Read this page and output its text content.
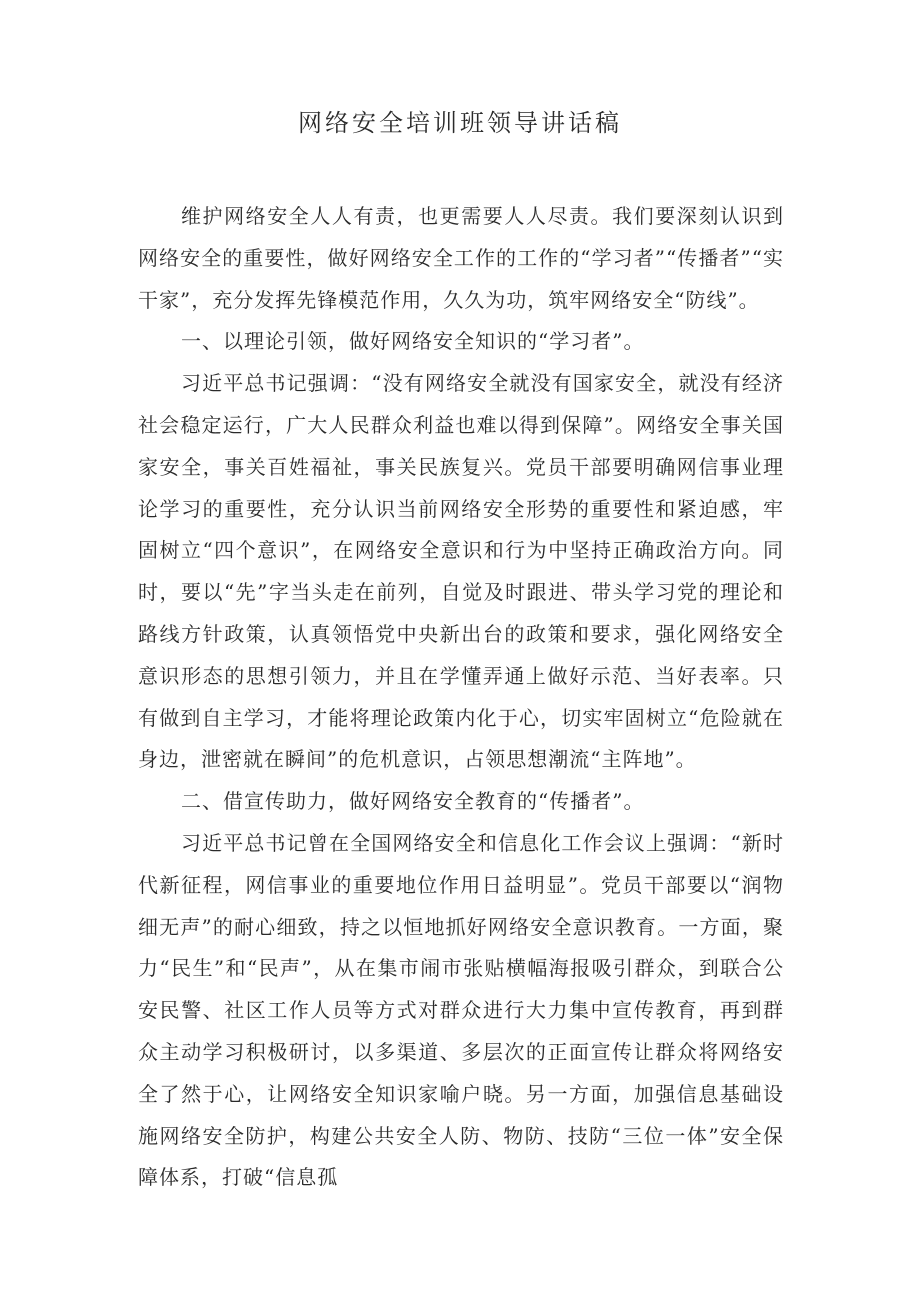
网络安全培训班领导讲话稿

维护网络安全人人有责，也更需要人人尽责。我们要深刻认识到网络安全的重要性，做好网络安全工作的工作的“学习者”“传播者”“实干家”，充分发挥先锋模范作用，久久为功，筑牢网络安全“防线”。

一、以理论引领，做好网络安全知识的“学习者”。

习近平总书记强调：“没有网络安全就没有国家安全，就没有经济社会稳定运行，广大人民群众利益也难以得到保障”。网络安全事关国家安全，事关百姓福祉，事关民族复兴。党员干部要明确网信事业理论学习的重要性，充分认识当前网络安全形势的重要性和紧迫感，牢固树立“四个意识”，在网络安全意识和行为中坚持正确政治方向。同时，要以“先”字当头走在前列，自觉及时跟进、带头学习党的理论和路线方针政策，认真领悟党中央新出台的政策和要求，强化网络安全意识形态的思想引领力，并且在学懂弄通上做好示范、当好表率。只有做到自主学习，才能将理论政策内化于心，切实牢固树立“危险就在身边，泄密就在瞬间”的危机意识，占领思想潮流“主阵地”。

二、借宣传助力，做好网络安全教育的“传播者”。

习近平总书记曾在全国网络安全和信息化工作会议上强调：“新时代新征程，网信事业的重要地位作用日益明显”。党员干部要以“润物细无声”的耐心细致，持之以恒地抓好网络安全意识教育。一方面，聚力“民生”和“民声”，从在集市闹市张贴横幅海报吸引群众，到联合公安民警、社区工作人员等方式对群众进行大力集中宣传教育，再到群众主动学习积极研讨，以多渠道、多层次的正面宣传让群众将网络安全了然于心，让网络安全知识家喻户晓。另一方面，加强信息基础设施网络安全防护，构建公共安全人防、物防、技防“三位一体”安全保障体系，打破“信息孤
